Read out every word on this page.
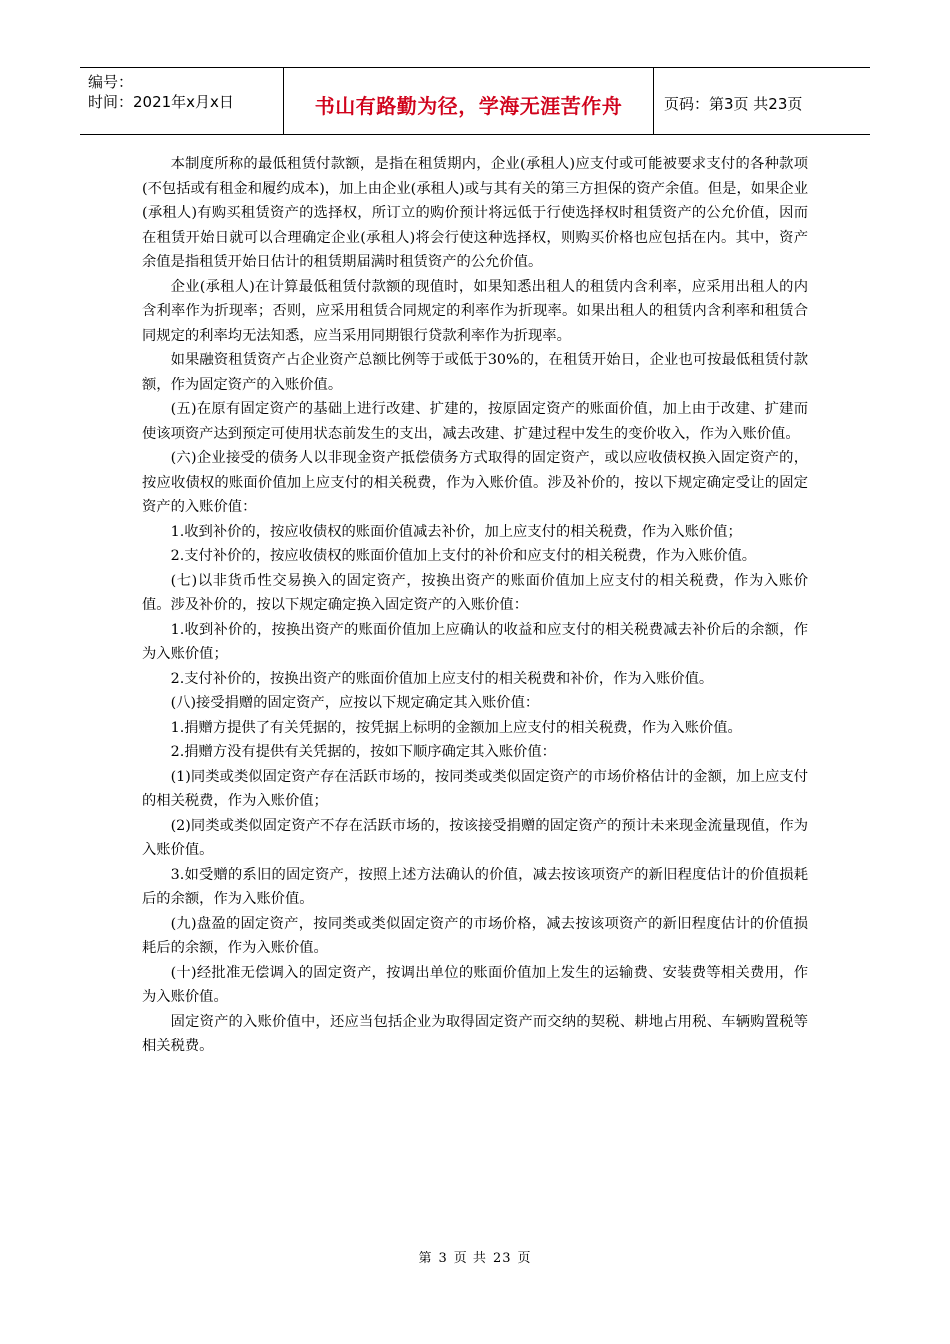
编号：
时间：2021年x月x日	书山有路勤为径，学海无涯苦作舟	页码：第3页 共23页

本制度所称的最低租赁付款额，是指在租赁期内，企业(承租人)应支付或可能被要求支付的各种款项(不包括或有租金和履约成本)，加上由企业(承租人)或与其有关的第三方担保的资产余值。但是，如果企业(承租人)有购买租赁资产的选择权，所订立的购价预计将远低于行使选择权时租赁资产的公允价值，因而在租赁开始日就可以合理确定企业(承租人)将会行使这种选择权，则购买价格也应包括在内。其中，资产余值是指租赁开始日估计的租赁期届满时租赁资产的公允价值。

企业(承租人)在计算最低租赁付款额的现值时，如果知悉出租人的租赁内含利率，应采用出租人的内含利率作为折现率；否则，应采用租赁合同规定的利率作为折现率。如果出租人的租赁内含利率和租赁合同规定的利率均无法知悉，应当采用同期银行贷款利率作为折现率。

如果融资租赁资产占企业资产总额比例等于或低于30%的，在租赁开始日，企业也可按最低租赁付款额，作为固定资产的入账价值。

(五)在原有固定资产的基础上进行改建、扩建的，按原固定资产的账面价值，加上由于改建、扩建而使该项资产达到预定可使用状态前发生的支出，减去改建、扩建过程中发生的变价收入，作为入账价值。

(六)企业接受的债务人以非现金资产抵偿债务方式取得的固定资产，或以应收债权换入固定资产的，按应收债权的账面价值加上应支付的相关税费，作为入账价值。涉及补价的，按以下规定确定受让的固定资产的入账价值：

1.收到补价的，按应收债权的账面价值减去补价，加上应支付的相关税费，作为入账价值；

2.支付补价的，按应收债权的账面价值加上支付的补价和应支付的相关税费，作为入账价值。

(七)以非货币性交易换入的固定资产，按换出资产的账面价值加上应支付的相关税费，作为入账价值。涉及补价的，按以下规定确定换入固定资产的入账价值：

1.收到补价的，按换出资产的账面价值加上应确认的收益和应支付的相关税费减去补价后的余额，作为入账价值；

2.支付补价的，按换出资产的账面价值加上应支付的相关税费和补价，作为入账价值。

(八)接受捐赠的固定资产，应按以下规定确定其入账价值：

1.捐赠方提供了有关凭据的，按凭据上标明的金额加上应支付的相关税费，作为入账价值。

2.捐赠方没有提供有关凭据的，按如下顺序确定其入账价值：

(1)同类或类似固定资产存在活跃市场的，按同类或类似固定资产的市场价格估计的金额，加上应支付的相关税费，作为入账价值；

(2)同类或类似固定资产不存在活跃市场的，按该接受捐赠的固定资产的预计未来现金流量现值，作为入账价值。

3.如受赠的系旧的固定资产，按照上述方法确认的价值，减去按该项资产的新旧程度估计的价值损耗后的余额，作为入账价值。

(九)盘盈的固定资产，按同类或类似固定资产的市场价格，减去按该项资产的新旧程度估计的价值损耗后的余额，作为入账价值。

(十)经批准无偿调入的固定资产，按调出单位的账面价值加上发生的运输费、安装费等相关费用，作为入账价值。

固定资产的入账价值中，还应当包括企业为取得固定资产而交纳的契税、耕地占用税、车辆购置税等相关税费。

第 3 页 共 23 页
